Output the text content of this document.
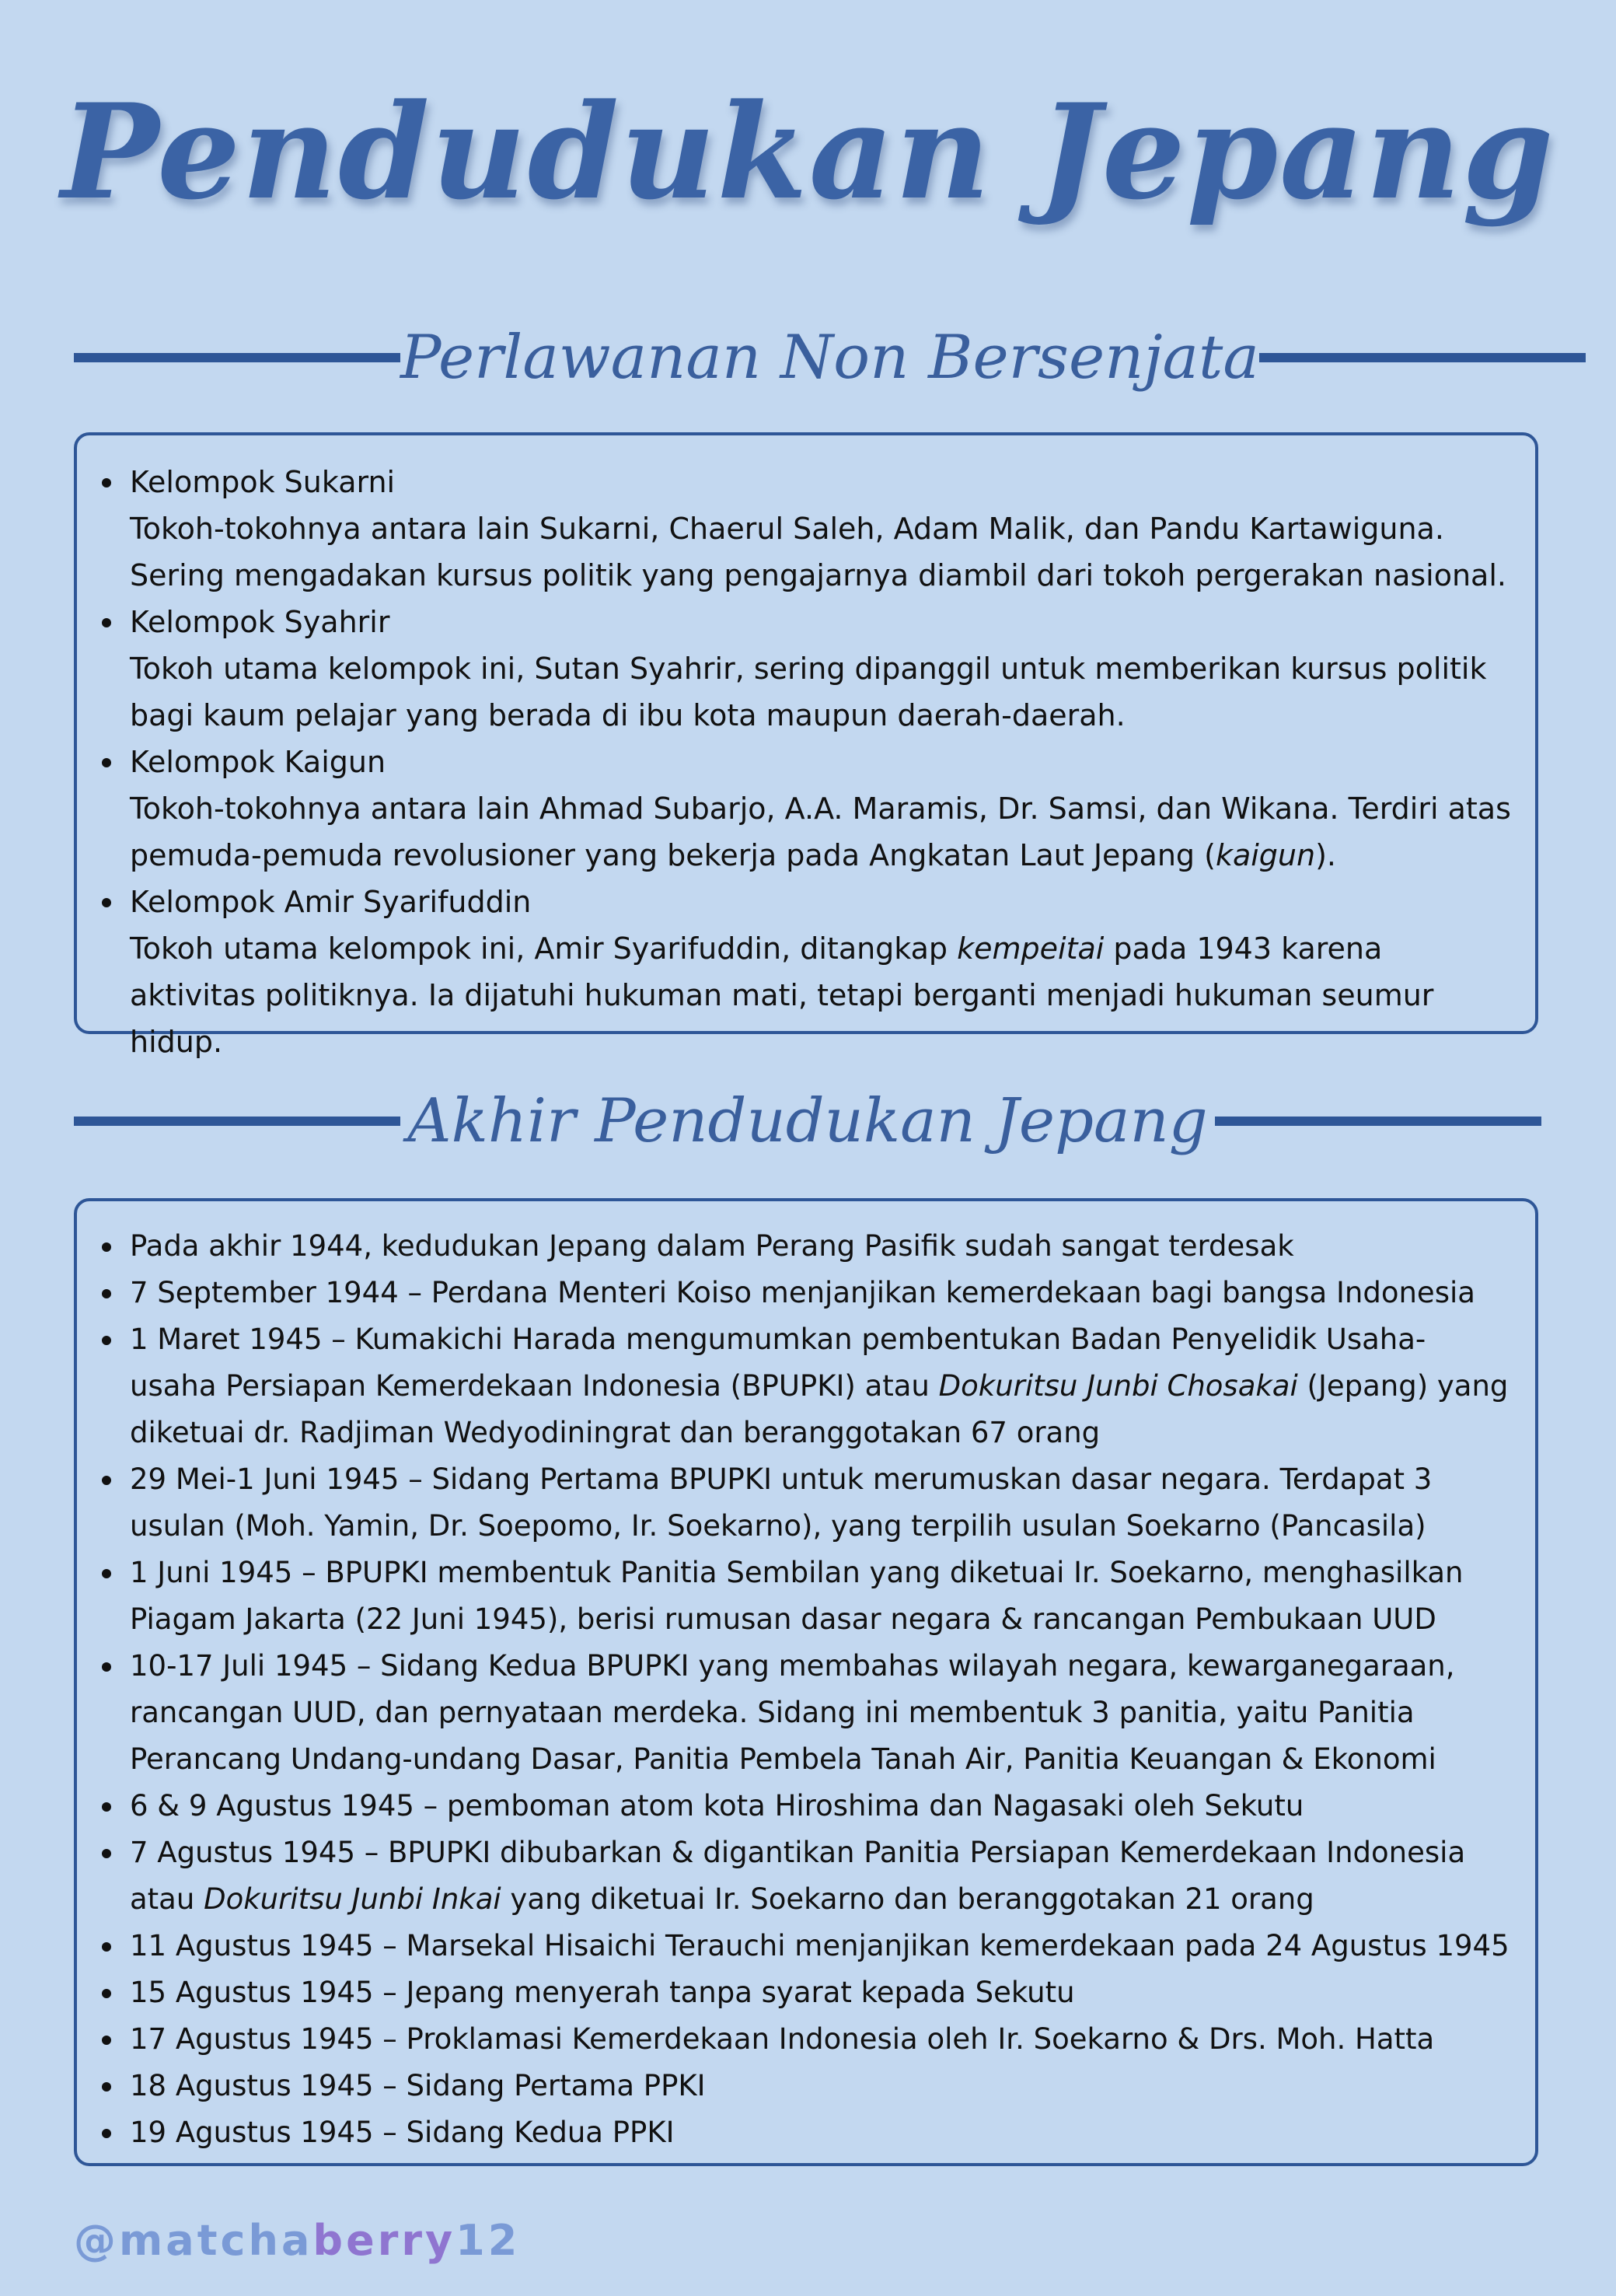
Pendudukan Jepang
Perlawanan Non Bersenjata
Kelompok Sukarni
Tokoh-tokohnya antara lain Sukarni, Chaerul Saleh, Adam Malik, dan Pandu Kartawiguna. Sering mengadakan kursus politik yang pengajarnya diambil dari tokoh pergerakan nasional.
Kelompok Syahrir
Tokoh utama kelompok ini, Sutan Syahrir, sering dipanggil untuk memberikan kursus politik bagi kaum pelajar yang berada di ibu kota maupun daerah-daerah.
Kelompok Kaigun
Tokoh-tokohnya antara lain Ahmad Subarjo, A.A. Maramis, Dr. Samsi, dan Wikana. Terdiri atas pemuda-pemuda revolusioner yang bekerja pada Angkatan Laut Jepang (kaigun).
Kelompok Amir Syarifuddin
Tokoh utama kelompok ini, Amir Syarifuddin, ditangkap kempeitai pada 1943 karena aktivitas politiknya. Ia dijatuhi hukuman mati, tetapi berganti menjadi hukuman seumur hidup.
Akhir Pendudukan Jepang
Pada akhir 1944, kedudukan Jepang dalam Perang Pasifik sudah sangat terdesak
7 September 1944 – Perdana Menteri Koiso menjanjikan kemerdekaan bagi bangsa Indonesia
1 Maret 1945 – Kumakichi Harada mengumumkan pembentukan Badan Penyelidik Usaha-usaha Persiapan Kemerdekaan Indonesia (BPUPKI) atau Dokuritsu Junbi Chosakai (Jepang) yang diketuai dr. Radjiman Wedyodiningrat dan beranggotakan 67 orang
29 Mei-1 Juni 1945 – Sidang Pertama BPUPKI untuk merumuskan dasar negara. Terdapat 3 usulan (Moh. Yamin, Dr. Soepomo, Ir. Soekarno), yang terpilih usulan Soekarno (Pancasila)
1 Juni 1945 – BPUPKI membentuk Panitia Sembilan yang diketuai Ir. Soekarno, menghasilkan Piagam Jakarta (22 Juni 1945), berisi rumusan dasar negara & rancangan Pembukaan UUD
10-17 Juli 1945 – Sidang Kedua BPUPKI yang membahas wilayah negara, kewarganegaraan, rancangan UUD, dan pernyataan merdeka. Sidang ini membentuk 3 panitia, yaitu Panitia Perancang Undang-undang Dasar, Panitia Pembela Tanah Air, Panitia Keuangan & Ekonomi
6 & 9 Agustus 1945 – pemboman atom kota Hiroshima dan Nagasaki oleh Sekutu
7 Agustus 1945 – BPUPKI dibubarkan & digantikan Panitia Persiapan Kemerdekaan Indonesia atau Dokuritsu Junbi Inkai yang diketuai Ir. Soekarno dan beranggotakan 21 orang
11 Agustus 1945 – Marsekal Hisaichi Terauchi menjanjikan kemerdekaan pada 24 Agustus 1945
15 Agustus 1945 – Jepang menyerah tanpa syarat kepada Sekutu
17 Agustus 1945 – Proklamasi Kemerdekaan Indonesia oleh Ir. Soekarno & Drs. Moh. Hatta
18 Agustus 1945 – Sidang Pertama PPKI
19 Agustus 1945 – Sidang Kedua PPKI
@matchaberry12
